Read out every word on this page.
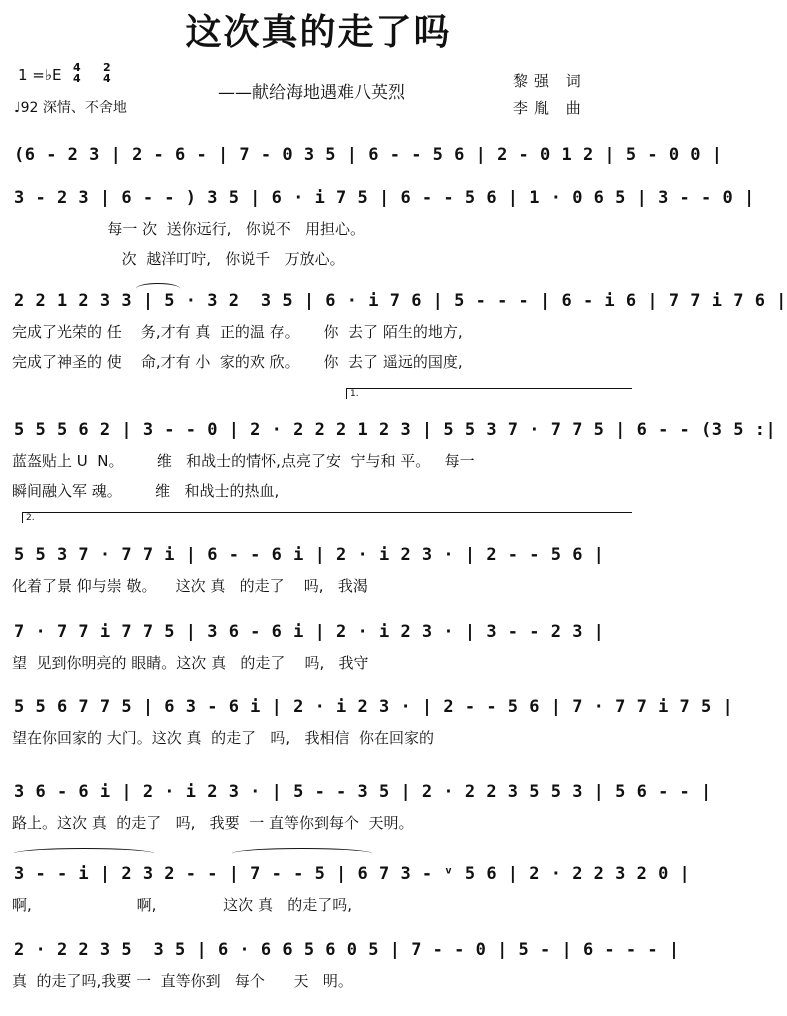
这次真的走了吗
1 =♭E 4
4
2
4
♩92 深情、不舍地
——献给海地遇难八英烈
黎强 词
李胤 曲
(6 - 2 3 | 2 - 6 - | 7 - 0 3 5 | 6 - - 5 6 | 2 - 0 1 2 | 5 - 0 0 |
3 - 2 3 | 6 - - ) 3 5 | 6 · i 7 5 | 6 - - 5 6 | 1 · 0 6 5 | 3 - - 0 |
每一 次  送你远行,   你说不   用担心。
次  越洋叮咛,   你说千   万放心。
2 2 1 2 3 3 | 5 · 3 2  3 5 | 6 · i 7 6 | 5 - - - | 6 - i 6 | 7 7 i 7 6 |
完成了光荣的 任    务,才有 真  正的温 存。     你  去了 陌生的地方,
完成了神圣的 使    命,才有 小  家的欢 欣。     你  去了 遥远的国度,
5 5 5 6 2 | 3 - - 0 | 2 · 2 2 2 1 2 3 | 5 5 3 7 · 7 7 5 | 6 - - (3 5 :|
蓝盔贴上 U  N。       维   和战士的情怀,点亮了安  宁与和 平。   每一
瞬间融入军 魂。       维   和战士的热血,
5 5 3 7 · 7 7 i | 6 - - 6 i | 2 · i 2 3 · | 2 - - 5 6 |
化着了景 仰与崇 敬。    这次 真   的走了    吗,   我渴
7 · 7 7 i 7 7 5 | 3 6 - 6 i | 2 · i 2 3 · | 3 - - 2 3 |
望  见到你明亮的 眼睛。这次 真   的走了    吗,   我守
5 5 6 7 7 5 | 6 3 - 6 i | 2 · i 2 3 · | 2 - - 5 6 | 7 · 7 7 i 7 5 |
望在你回家的 大门。这次 真  的走了   吗,   我相信  你在回家的
3 6 - 6 i | 2 · i 2 3 · | 5 - - 3 5 | 2 · 2 2 3 5 5 3 | 5 6 - - |
路上。这次 真  的走了   吗,   我要  一 直等你到每个  天明。
3 - - i | 2 3 2 - - | 7 - - 5 | 6 7 3 - ᵛ 5 6 | 2 · 2 2 3 2 0 |
啊,                      啊,              这次 真   的走了吗,
2 · 2 2 3 5  3 5 | 6 · 6 6 5 6 0 5 | 7 - - 0 | 5 - | 6 - - - |
真  的走了吗,我要 一  直等你到   每个      天   明。
1.
2.
